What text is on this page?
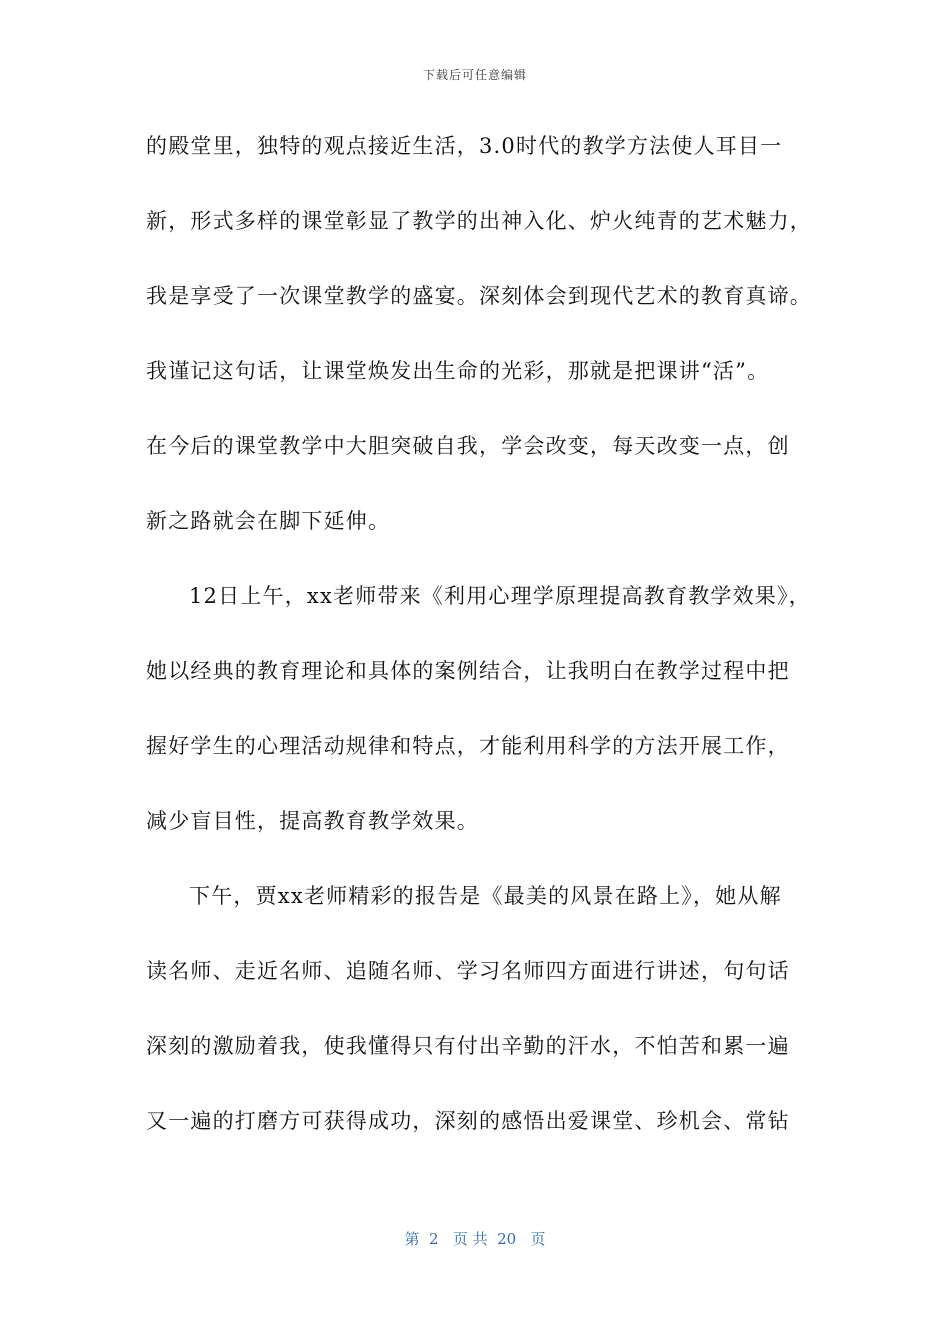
下载后可任意编辑
的殿堂里，独特的观点接近生活，3.0时代的教学方法使人耳目一
新，形式多样的课堂彰显了教学的出神入化、炉火纯青的艺术魅力，
我是享受了一次课堂教学的盛宴。深刻体会到现代艺术的教育真谛。
我谨记这句话，让课堂焕发出生命的光彩，那就是把课讲“活”。
在今后的课堂教学中大胆突破自我，学会改变，每天改变一点，创
新之路就会在脚下延伸。
12日上午，xx老师带来《利用心理学原理提高教育教学效果》，
她以经典的教育理论和具体的案例结合，让我明白在教学过程中把
握好学生的心理活动规律和特点，才能利用科学的方法开展工作，
减少盲目性，提高教育教学效果。
下午，贾xx老师精彩的报告是《最美的风景在路上》，她从解
读名师、走近名师、追随名师、学习名师四方面进行讲述，句句话
深刻的激励着我，使我懂得只有付出辛勤的汗水，不怕苦和累一遍
又一遍的打磨方可获得成功，深刻的感悟出爱课堂、珍机会、常钻
第  2   页 共  20   页
